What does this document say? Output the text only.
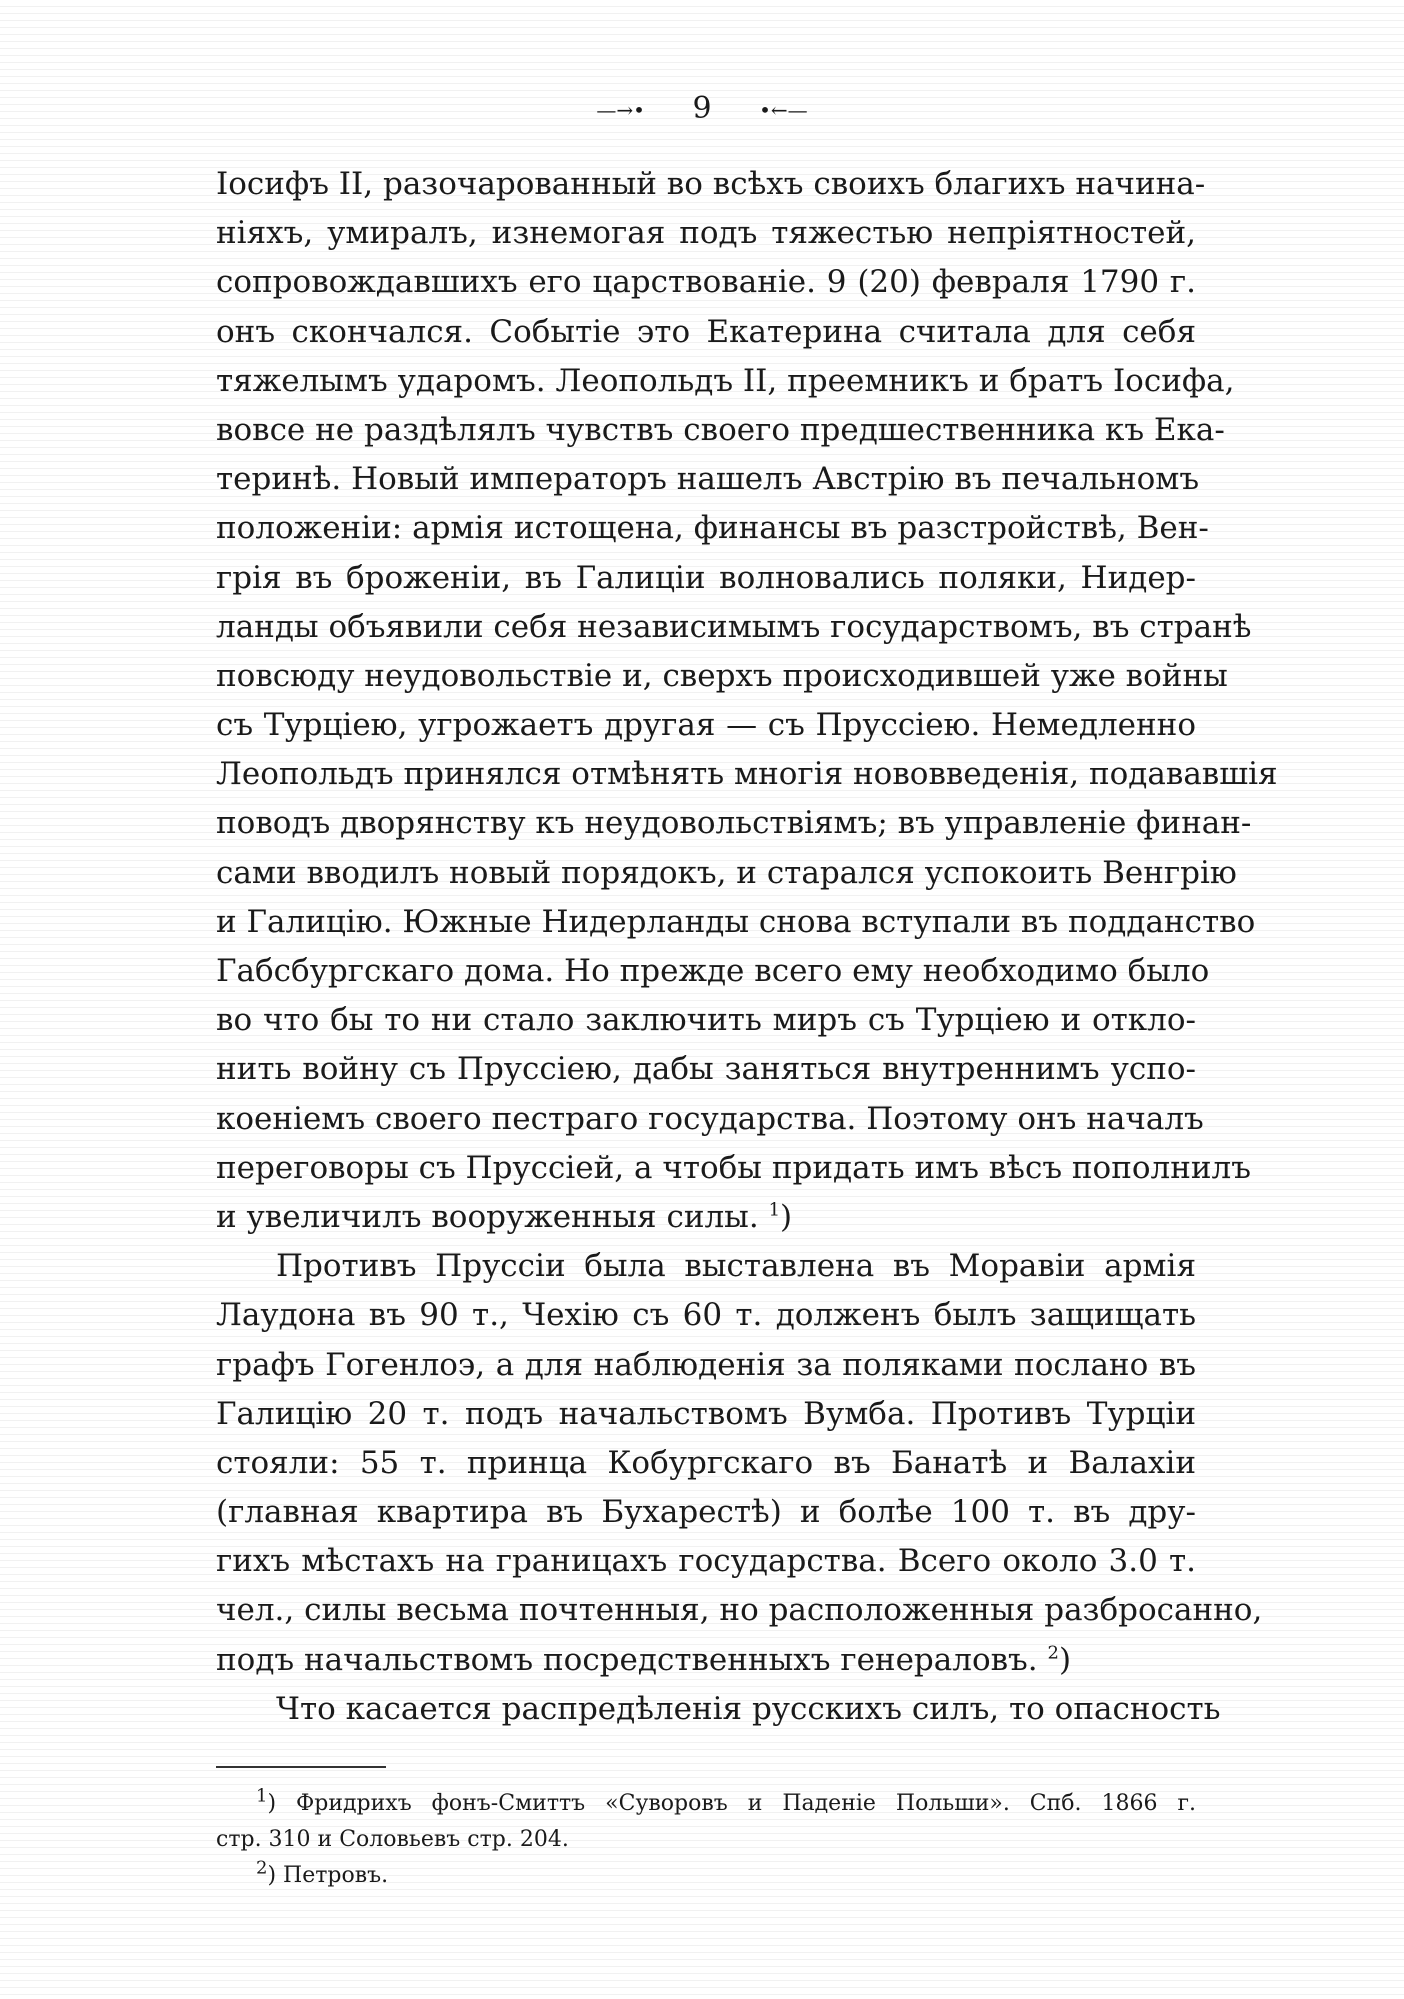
—→• 9 •←—
Іосифъ II, разочарованный во всѣхъ своихъ благихъ начина-
ніяхъ, умиралъ, изнемогая подъ тяжестью непріятностей,
сопровождавшихъ его царствованіе. 9 (20) февраля 1790 г.
онъ скончался. Событіе это Екатерина считала для себя
тяжелымъ ударомъ. Леопольдъ II, преемникъ и братъ Іосифа,
вовсе не раздѣлялъ чувствъ своего предшественника къ Ека-
теринѣ. Новый императоръ нашелъ Австрію въ печальномъ
положеніи: армія истощена, финансы въ разстройствѣ, Вен-
грія въ броженіи, въ Галиціи волновались поляки, Нидер-
ланды объявили себя независимымъ государствомъ, въ странѣ
повсюду неудовольствіе и, сверхъ происходившей уже войны
съ Турціею, угрожаетъ другая — съ Пруссіею. Немедленно
Леопольдъ принялся отмѣнять многія нововведенія, подававшія
поводъ дворянству къ неудовольствіямъ; въ управленіе финан-
сами вводилъ новый порядокъ, и старался успокоить Венгрію
и Галицію. Южные Нидерланды снова вступали въ подданство
Габсбургскаго дома. Но прежде всего ему необходимо было
во что бы то ни стало заключить миръ съ Турціею и откло-
нить войну съ Пруссіею, дабы заняться внутреннимъ успо-
коеніемъ своего пестраго государства. Поэтому онъ началъ
переговоры съ Пруссіей, а чтобы придать имъ вѣсъ пополнилъ
и увеличилъ вооруженныя силы. $^1$)
Противъ Пруссіи была выставлена въ Моравіи армія
Лаудона въ 90 т., Чехію съ 60 т. долженъ былъ защищать
графъ Гогенлоэ, а для наблюденія за поляками послано въ
Галицію 20 т. подъ начальствомъ Вумба. Противъ Турціи
стояли: 55 т. принца Кобургскаго въ Банатѣ и Валахіи
(главная квартира въ Бухарестѣ) и болѣе 100 т. въ дру-
гихъ мѣстахъ на границахъ государства. Всего около 3.0 т.
чел., силы весьма почтенныя, но расположенныя разбросанно,
подъ начальствомъ посредственныхъ генераловъ. $^2$)
Что касается распредѣленія русскихъ силъ, то опасность
$^1$) Фридрихъ фонъ-Смиттъ «Суворовъ и Паденіе Польши». Спб. 1866 г.
стр. 310 и Соловьевъ стр. 204.
$^2$) Петровъ.
